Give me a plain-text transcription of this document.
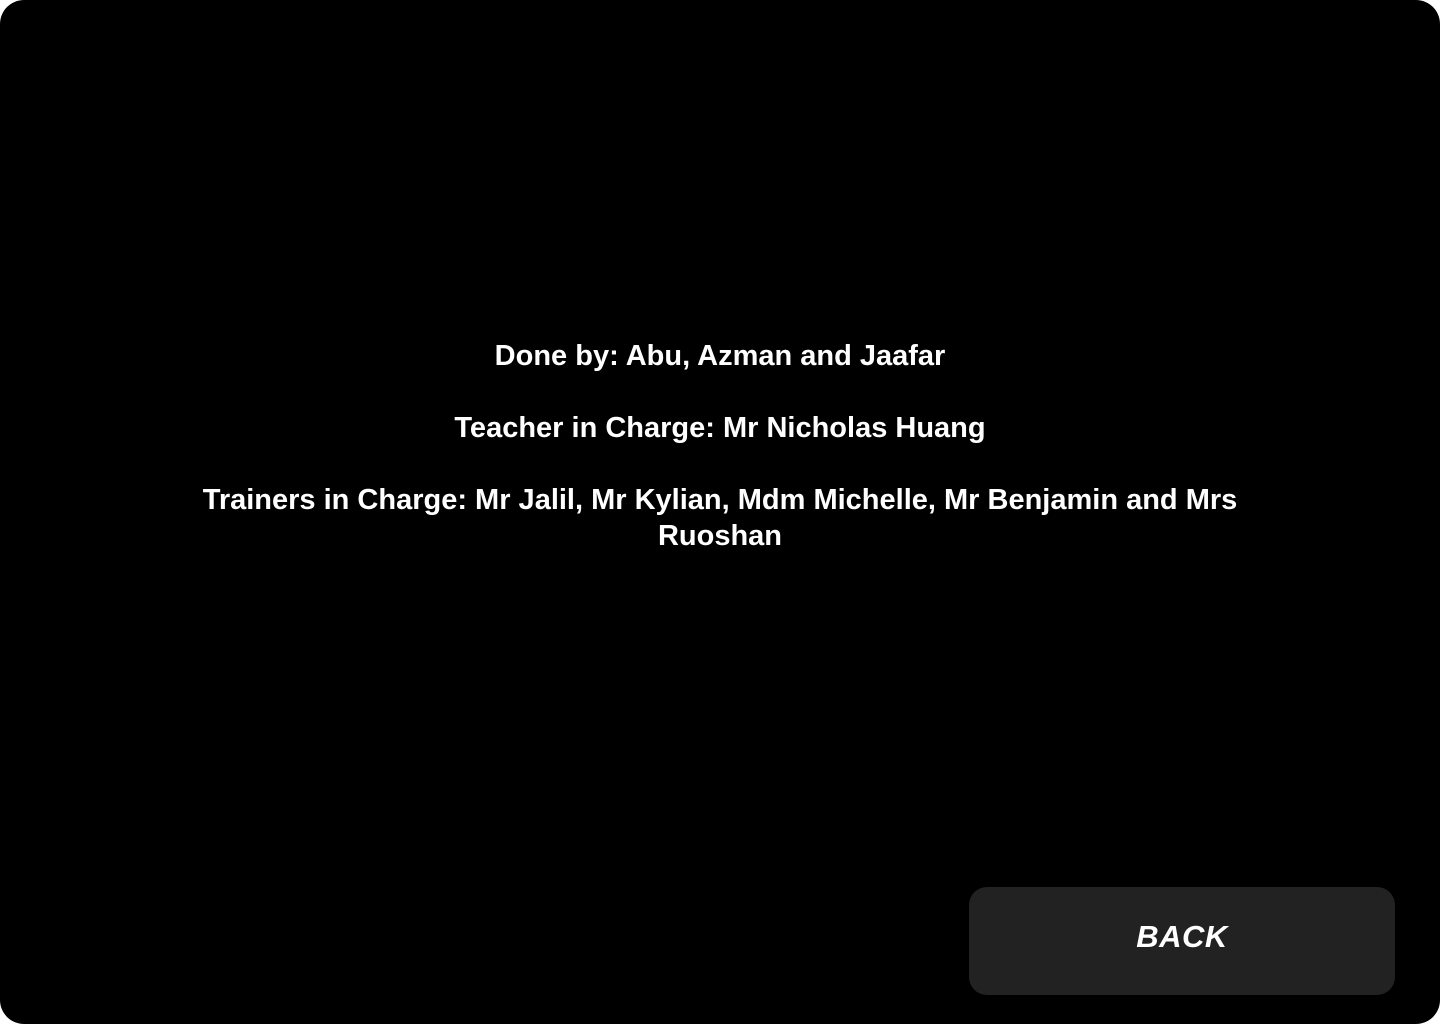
Done by: Abu, Azman and Jaafar
Teacher in Charge: Mr Nicholas Huang
Trainers in Charge: Mr Jalil, Mr Kylian, Mdm Michelle, Mr Benjamin and Mrs Ruoshan
BACK
